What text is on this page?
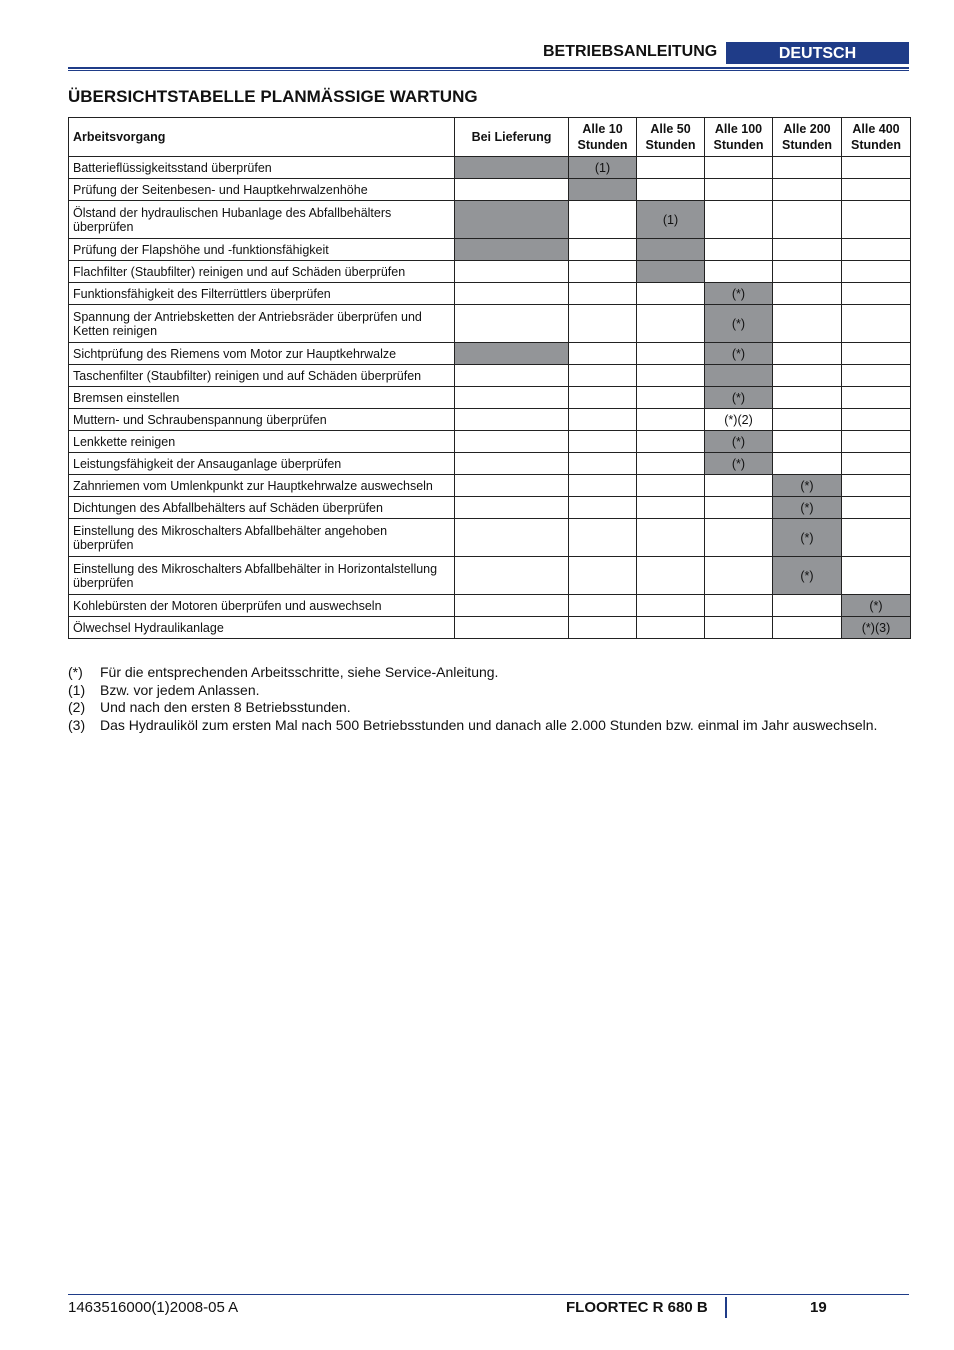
BETRIEBSANLEITUNG	DEUTSCH
ÜBERSICHTSTABELLE PLANMÄSSIGE WARTUNG
Arbeitsvorgang	Bei Lieferung	Alle 10 Stunden	Alle 50 Stunden	Alle 100 Stunden	Alle 200 Stunden	Alle 400 Stunden
Batterieflüssigkeitsstand überprüfen		(1)				
Prüfung der Seitenbesen- und Hauptkehrwalzenhöhe						
Ölstand der hydraulischen Hubanlage des Abfallbehälters überprüfen			(1)			
Prüfung der Flapshöhe und -funktionsfähigkeit						
Flachfilter (Staubfilter) reinigen und auf Schäden überprüfen						
Funktionsfähigkeit des Filterrüttlers überprüfen				(*)		
Spannung der Antriebsketten der Antriebsräder überprüfen und Ketten reinigen				(*)		
Sichtprüfung des Riemens vom Motor zur Hauptkehrwalze				(*)		
Taschenfilter (Staubfilter) reinigen und auf Schäden überprüfen						
Bremsen einstellen				(*)		
Muttern- und Schraubenspannung überprüfen				(*)(2)		
Lenkkette reinigen				(*)		
Leistungsfähigkeit der Ansauganlage überprüfen				(*)		
Zahnriemen vom Umlenkpunkt zur Hauptkehrwalze auswechseln					(*)	
Dichtungen des Abfallbehälters auf Schäden überprüfen					(*)	
Einstellung des Mikroschalters Abfallbehälter angehoben überprüfen					(*)	
Einstellung des Mikroschalters Abfallbehälter in Horizontalstellung überprüfen					(*)	
Kohlebürsten der Motoren überprüfen und auswechseln						(*)
Ölwechsel Hydraulikanlage						(*)(3)
(*)	Für die entsprechenden Arbeitsschritte, siehe Service-Anleitung.
(1)	Bzw. vor jedem Anlassen.
(2)	Und nach den ersten 8 Betriebsstunden.
(3)	Das Hydrauliköl zum ersten Mal nach 500 Betriebsstunden und danach alle 2.000 Stunden bzw. einmal im Jahr auswechseln.
1463516000(1)2008-05 A	FLOORTEC R 680 B	19
